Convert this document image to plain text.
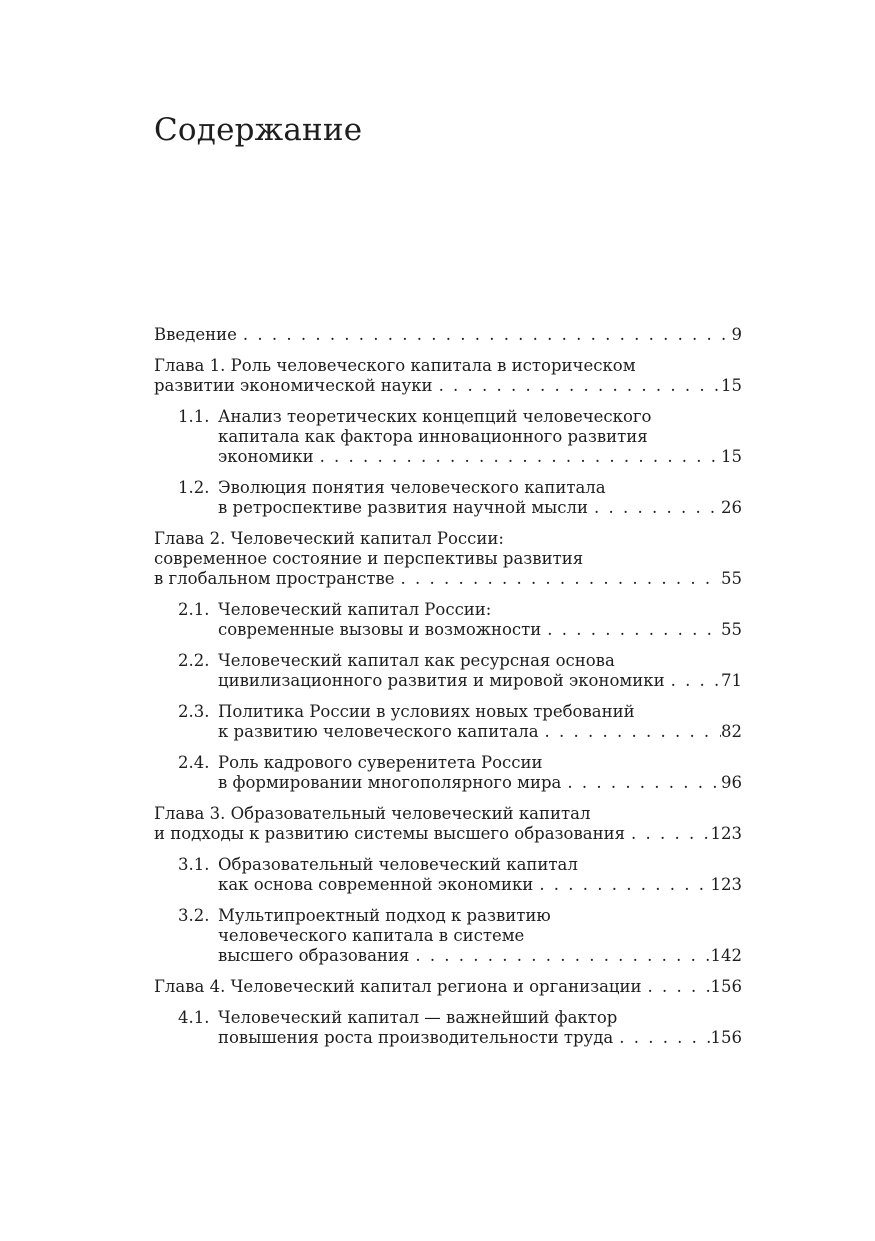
Содержание
Введение . . .	9
Глава 1. Роль человеческого капитала в историческом
развитии экономической науки . . .	15
1.1. Анализ теоретических концепций человеческого
капитала как фактора инновационного развития
экономики . . .	15
1.2. Эволюция понятия человеческого капитала
в ретроспективе развития научной мысли . . .	26
Глава 2. Человеческий капитал России:
современное состояние и перспективы развития
в глобальном пространстве . . .	55
2.1. Человеческий капитал России:
современные вызовы и возможности . . .	55
2.2. Человеческий капитал как ресурсная основа
цивилизационного развития и мировой экономики . . .	71
2.3. Политика России в условиях новых требований
к развитию человеческого капитала . . .	82
2.4. Роль кадрового суверенитета России
в формировании многополярного мира . . .	96
Глава 3. Образовательный человеческий капитал
и подходы к развитию системы высшего образования . . .	123
3.1. Образовательный человеческий капитал
как основа современной экономики . . .	123
3.2. Мультипроектный подход к развитию
человеческого капитала в системе
высшего образования . . .	142
Глава 4. Человеческий капитал региона и организации . . .	156
4.1. Человеческий капитал — важнейший фактор
повышения роста производительности труда . . .	156
